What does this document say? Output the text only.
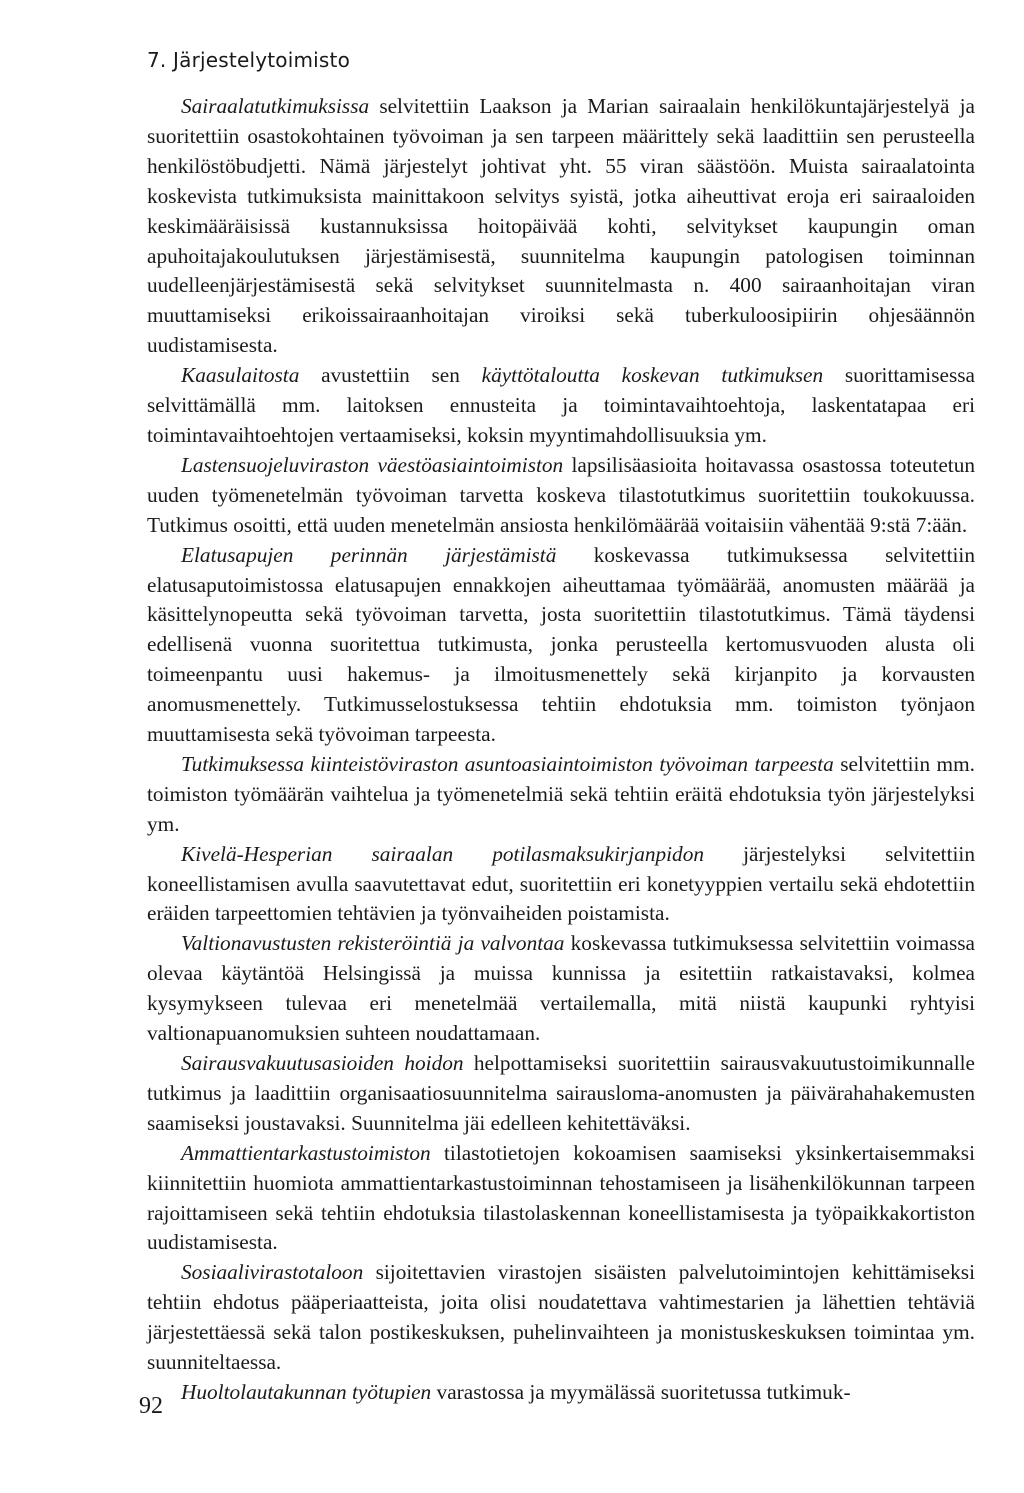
7. Järjestelytoimisto

Sairaalatutkimuksissa selvitettiin Laakson ja Marian sairaalain henkilökuntajärjestelyä ja suoritettiin osastokohtainen työvoiman ja sen tarpeen määrittely sekä laadittiin sen perusteella henkilöstöbudjetti. Nämä järjestelyt johtivat yht. 55 viran säästöön. Muista sairaalatointa koskevista tutkimuksista mainittakoon selvitys syistä, jotka aiheuttivat eroja eri sairaaloiden keskimääräisissä kustannuksissa hoitopäivää kohti, selvitykset kaupungin oman apuhoitajakoulutuksen järjestämisestä, suunnitelma kaupungin patologisen toiminnan uudelleenjärjestämisestä sekä selvitykset suunnitelmasta n. 400 sairaanhoitajan viran muuttamiseksi erikoissairaanhoitajan viroiksi sekä tuberkuloosipiirin ohjesäännön uudistamisesta.

Kaasulaitosta avustettiin sen käyttötaloutta koskevan tutkimuksen suorittamisessa selvittämällä mm. laitoksen ennusteita ja toimintavaihtoehtoja, laskentatapaa eri toimintavaihtoehtojen vertaamiseksi, koksin myyntimahdollisuuksia ym.

Lastensuojeluviraston väestöasiaintoimiston lapsilisäasioita hoitavassa osastossa toteutetun uuden työmenetelmän työvoiman tarvetta koskeva tilastotutkimus suoritettiin toukokuussa. Tutkimus osoitti, että uuden menetelmän ansiosta henkilömäärää voitaisiin vähentää 9:stä 7:ään.

Elatusapujen perinnän järjestämistä koskevassa tutkimuksessa selvitettiin elatusaputoimistossa elatusapujen ennakkojen aiheuttamaa työmäärää, anomusten määrää ja käsittelynopeutta sekä työvoiman tarvetta, josta suoritettiin tilastotutkimus. Tämä täydensi edellisenä vuonna suoritettua tutkimusta, jonka perusteella kertomusvuoden alusta oli toimeenpantu uusi hakemus- ja ilmoitusmenettely sekä kirjanpito ja korvausten anomusmenettely. Tutkimusselostuksessa tehtiin ehdotuksia mm. toimiston työnjaon muuttamisesta sekä työvoiman tarpeesta.

Tutkimuksessa kiinteistöviraston asuntoasiaintoimiston työvoiman tarpeesta selvitettiin mm. toimiston työmäärän vaihtelua ja työmenetelmiä sekä tehtiin eräitä ehdotuksia työn järjestelyksi ym.

Kivelä-Hesperian sairaalan potilasmaksukirjanpidon järjestelyksi selvitettiin koneellistamisen avulla saavutettavat edut, suoritettiin eri konetyyppien vertailu sekä ehdotettiin eräiden tarpeettomien tehtävien ja työnvaiheiden poistamista.

Valtionavustusten rekisteröintiä ja valvontaa koskevassa tutkimuksessa selvitettiin voimassa olevaa käytäntöä Helsingissä ja muissa kunnissa ja esitettiin ratkaistavaksi, kolmea kysymykseen tulevaa eri menetelmää vertailemalla, mitä niistä kaupunki ryhtyisi valtionapuanomuksien suhteen noudattamaan.

Sairausvakuutusasioiden hoidon helpottamiseksi suoritettiin sairausvakuutustoimikunnalle tutkimus ja laadittiin organisaatiosuunnitelma sairausloma-anomusten ja päivärahahakemusten saamiseksi joustavaksi. Suunnitelma jäi edelleen kehitettäväksi.

Ammattientarkastustoimiston tilastotietojen kokoamisen saamiseksi yksinkertaisemmaksi kiinnitettiin huomiota ammattientarkastustoiminnan tehostamiseen ja lisähenkilökunnan tarpeen rajoittamiseen sekä tehtiin ehdotuksia tilastolaskennan koneellistamisesta ja työpaikkakortiston uudistamisesta.

Sosiaalivirastotaloon sijoitettavien virastojen sisäisten palvelutoimintojen kehittämiseksi tehtiin ehdotus pääperiaatteista, joita olisi noudatettava vahtimestarien ja lähettien tehtäviä järjestettäessä sekä talon postikeskuksen, puhelinvaihteen ja monistuskeskuksen toimintaa ym. suunniteltaessa.

Huoltolautakunnan työtupien varastossa ja myymälässä suoritetussa tutkimuk-

92
